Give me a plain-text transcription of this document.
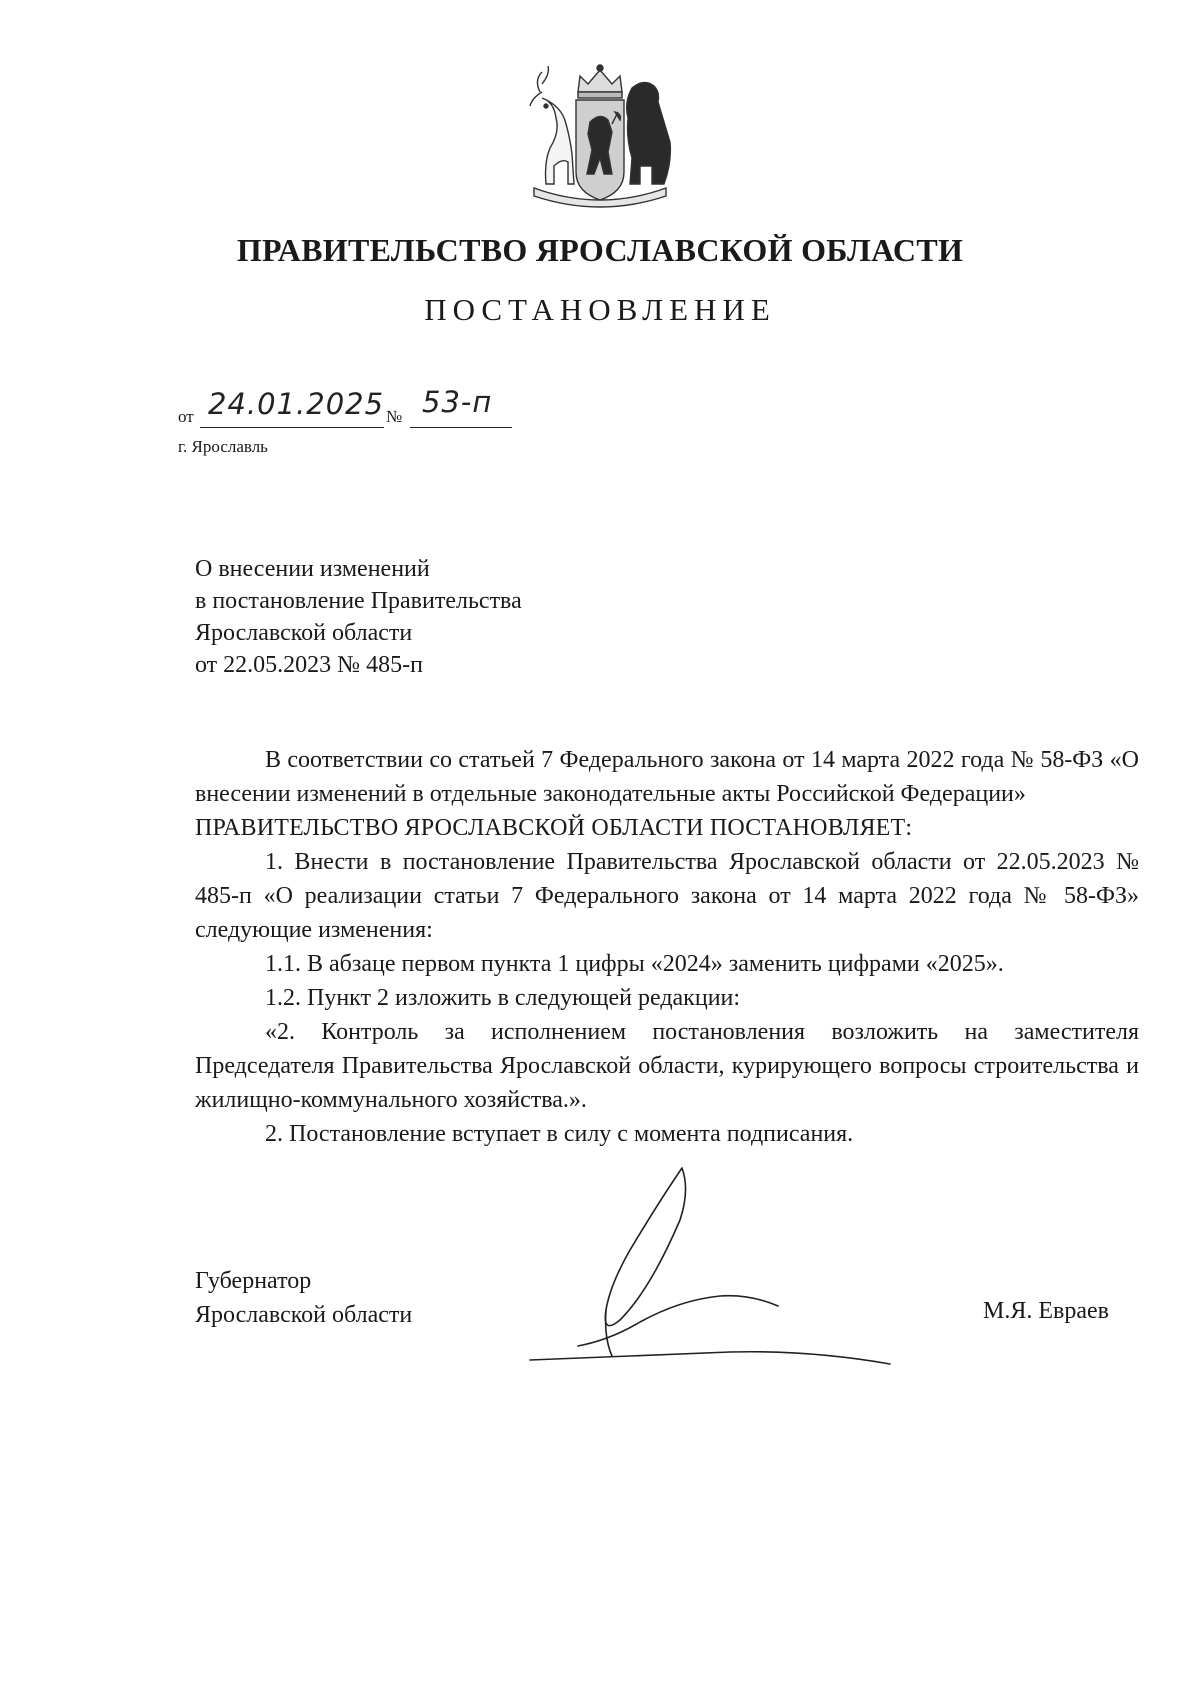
ПРАВИТЕЛЬСТВО ЯРОСЛАВСКОЙ ОБЛАСТИ
ПОСТАНОВЛЕНИЕ
от 24.01.2025 № 53-п
г. Ярославль
О внесении изменений
в постановление Правительства
Ярославской области
от 22.05.2023 № 485-п

В соответствии со статьей 7 Федерального закона от 14 марта 2022 года № 58-ФЗ «О внесении изменений в отдельные законодательные акты Российской Федерации»

ПРАВИТЕЛЬСТВО ЯРОСЛАВСКОЙ ОБЛАСТИ ПОСТАНОВЛЯЕТ:

1. Внести в постановление Правительства Ярославской области от 22.05.2023 № 485-п «О реализации статьи 7 Федерального закона от 14 марта 2022 года № 58-ФЗ» следующие изменения:

1.1. В абзаце первом пункта 1 цифры «2024» заменить цифрами «2025».

1.2. Пункт 2 изложить в следующей редакции:

«2. Контроль за исполнением постановления возложить на заместителя Председателя Правительства Ярославской области, курирующего вопросы строительства и жилищно-коммунального хозяйства.».

2. Постановление вступает в силу с момента подписания.

Губернатор
Ярославской области	М.Я. Евраев
